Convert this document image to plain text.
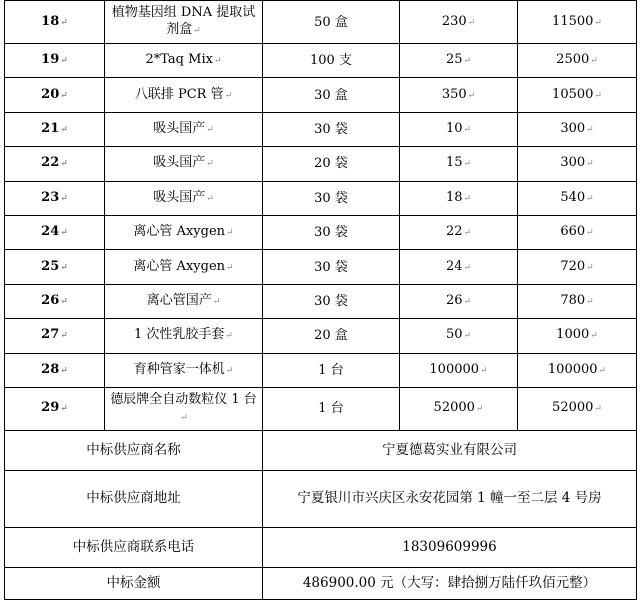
18↵	植物基因组 DNA 提取试剂盒↵	50 盒	230↵	11500↵
19↵	2*Taq Mix↵	100 支	25↵	2500↵
20↵	八联排 PCR 管↵	30 盒	350↵	10500↵
21↵	吸头国产↵	30 袋	10↵	300↵
22↵	吸头国产↵	20 袋	15↵	300↵
23↵	吸头国产↵	30 袋	18↵	540↵
24↵	离心管 Axygen↵	30 袋	22↵	660↵
25↵	离心管 Axygen↵	30 袋	24↵	720↵
26↵	离心管国产↵	30 袋	26↵	780↵
27↵	1 次性乳胶手套↵	20 盒	50↵	1000↵
28↵	育种管家一体机↵	1 台	100000↵	100000↵
29↵	德辰牌全自动数粒仪 1 台↵	1 台	52000↵	52000↵
中标供应商名称		宁夏德葛实业有限公司		
中标供应商地址		宁夏银川市兴庆区永安花园第 1 幢一至二层 4 号房		
中标供应商联系电话		18309609996		
中标金额		486900.00 元（大写：肆拾捌万陆仟玖佰元整）		
